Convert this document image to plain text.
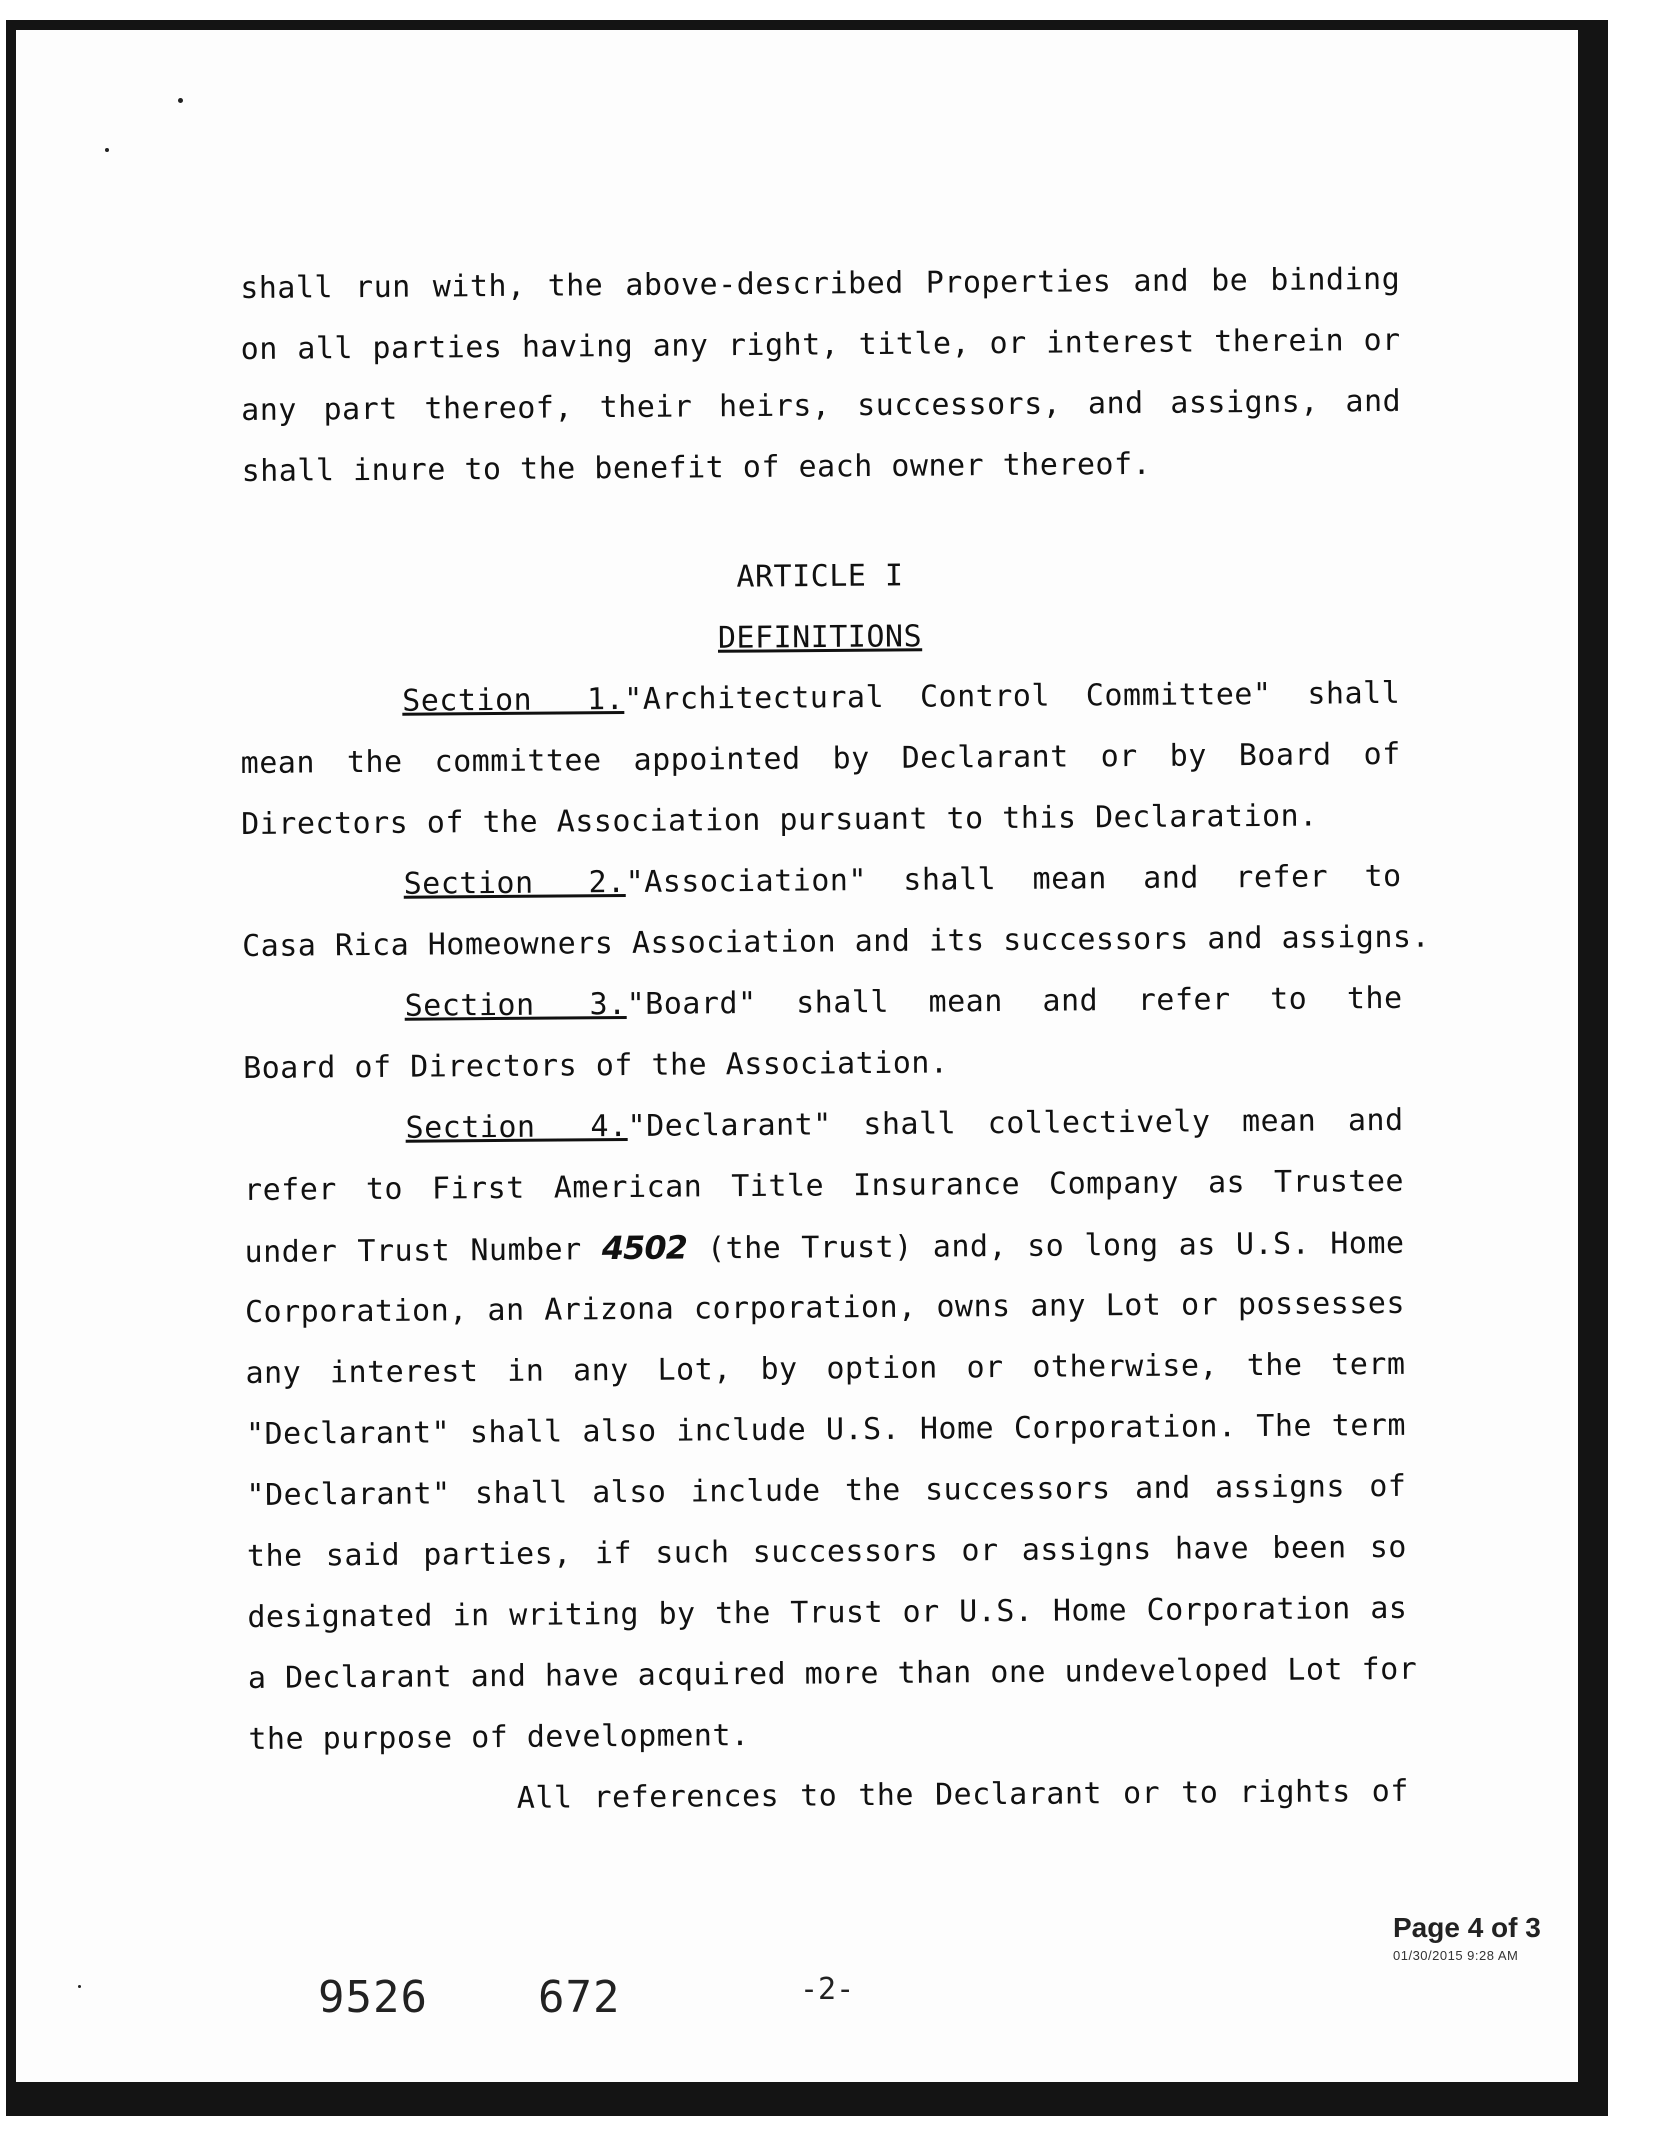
shall run with, the above-described Properties and be binding
on all parties having any right, title, or interest therein or
any part thereof, their heirs, successors, and assigns, and
shall inure to the benefit of each owner thereof.
ARTICLE I
DEFINITIONS
Section 1."Architectural Control Committee" shall
mean the committee appointed by Declarant or by Board of
Directors of the Association pursuant to this Declaration.
Section 2."Association" shall mean and refer to
Casa Rica Homeowners Association and its successors and assigns.
Section 3."Board" shall mean and refer to the
Board of Directors of the Association.
Section 4."Declarant" shall collectively mean and
refer to First American Title Insurance Company as Trustee
under Trust Number 4502 (the Trust) and, so long as U.S. Home
Corporation, an Arizona corporation, owns any Lot or possesses
any interest in any Lot, by option or otherwise, the term
"Declarant" shall also include U.S. Home Corporation. The term
"Declarant" shall also include the successors and assigns of
the said parties, if such successors or assigns have been so
designated in writing by the Trust or U.S. Home Corporation as
a Declarant and have acquired more than one undeveloped Lot for
the purpose of development.
All references to the Declarant or to rights of
Page 4 of 3
01/30/2015 9:28 AM
9526	672	-2-
